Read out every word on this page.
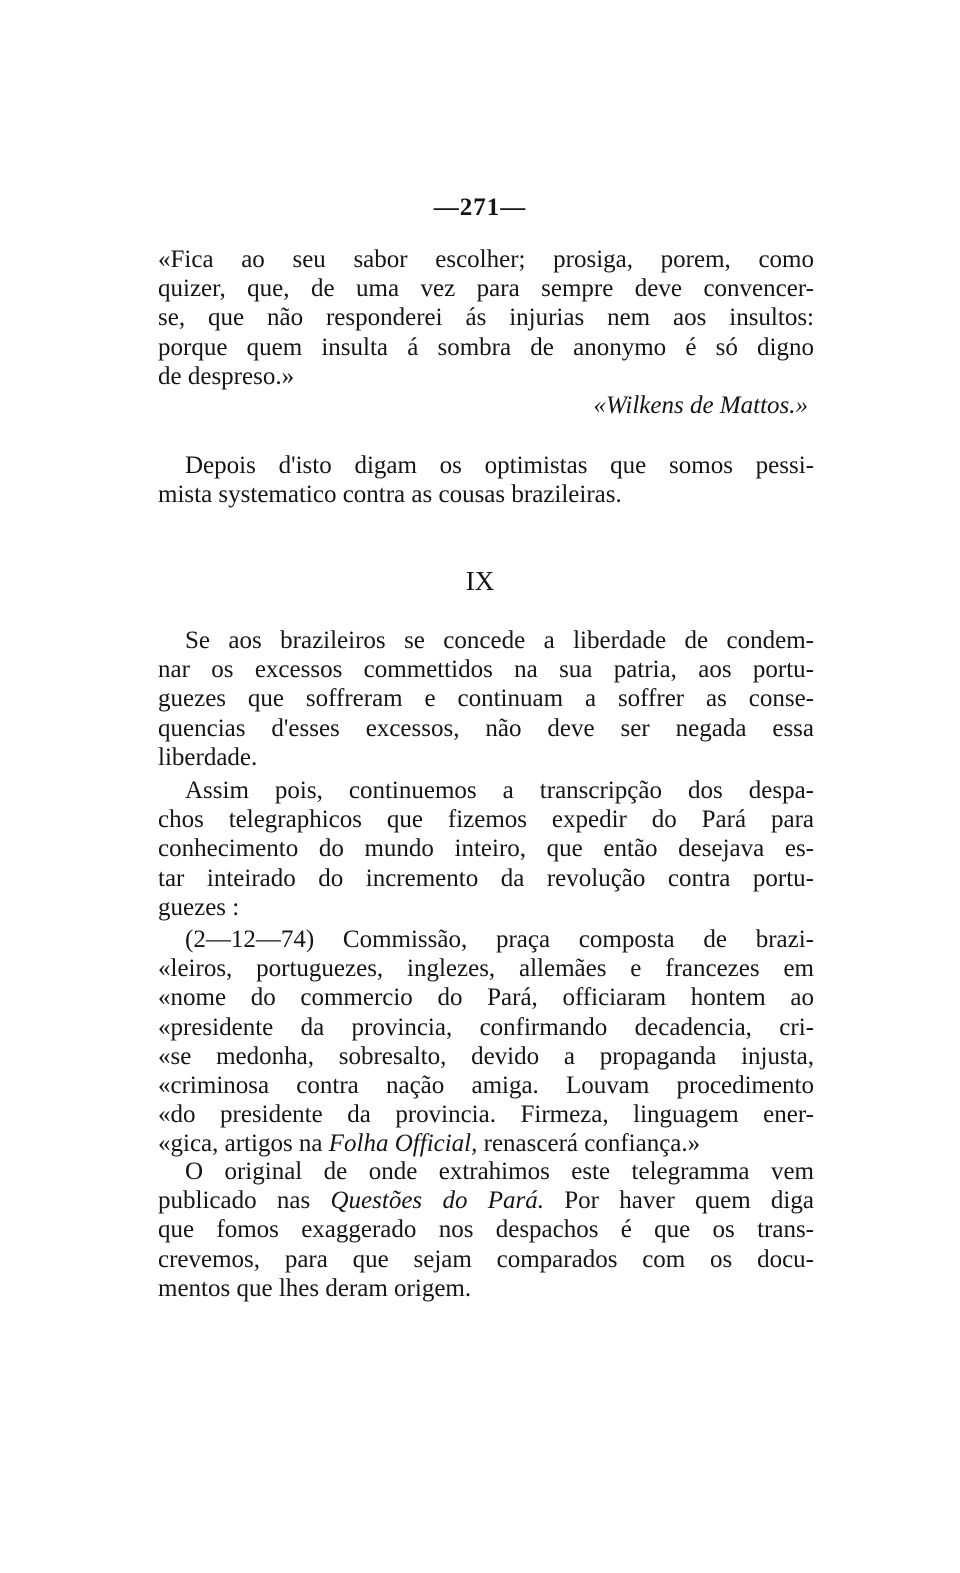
—271—
«Fica ao seu sabor escolher; prosiga, porem, como
quizer, que, de uma vez para sempre deve convencer-
se, que não responderei ás injurias nem aos insultos:
porque quem insulta á sombra de anonymo é só digno
de despreso.»
«Wilkens de Mattos.»
Depois d'isto digam os optimistas que somos pessi-
mista systematico contra as cousas brazileiras.
IX
Se aos brazileiros se concede a liberdade de condem-
nar os excessos commettidos na sua patria, aos portu-
guezes que soffreram e continuam a soffrer as conse-
quencias d'esses excessos, não deve ser negada essa
liberdade.
Assim pois, continuemos a transcripção dos despa-
chos telegraphicos que fizemos expedir do Pará para
conhecimento do mundo inteiro, que então desejava es-
tar inteirado do incremento da revolução contra portu-
guezes :
(2—12—74) Commissão, praça composta de brazi-
«leiros, portuguezes, inglezes, allemães e francezes em
«nome do commercio do Pará, officiaram hontem ao
«presidente da provincia, confirmando decadencia, cri-
«se medonha, sobresalto, devido a propaganda injusta,
«criminosa contra nação amiga. Louvam procedimento
«do presidente da provincia. Firmeza, linguagem ener-
«gica, artigos na Folha Official, renascerá confiança.»
O original de onde extrahimos este telegramma vem
publicado nas Questões do Pará. Por haver quem diga
que fomos exaggerado nos despachos é que os trans-
crevemos, para que sejam comparados com os docu-
mentos que lhes deram origem.
